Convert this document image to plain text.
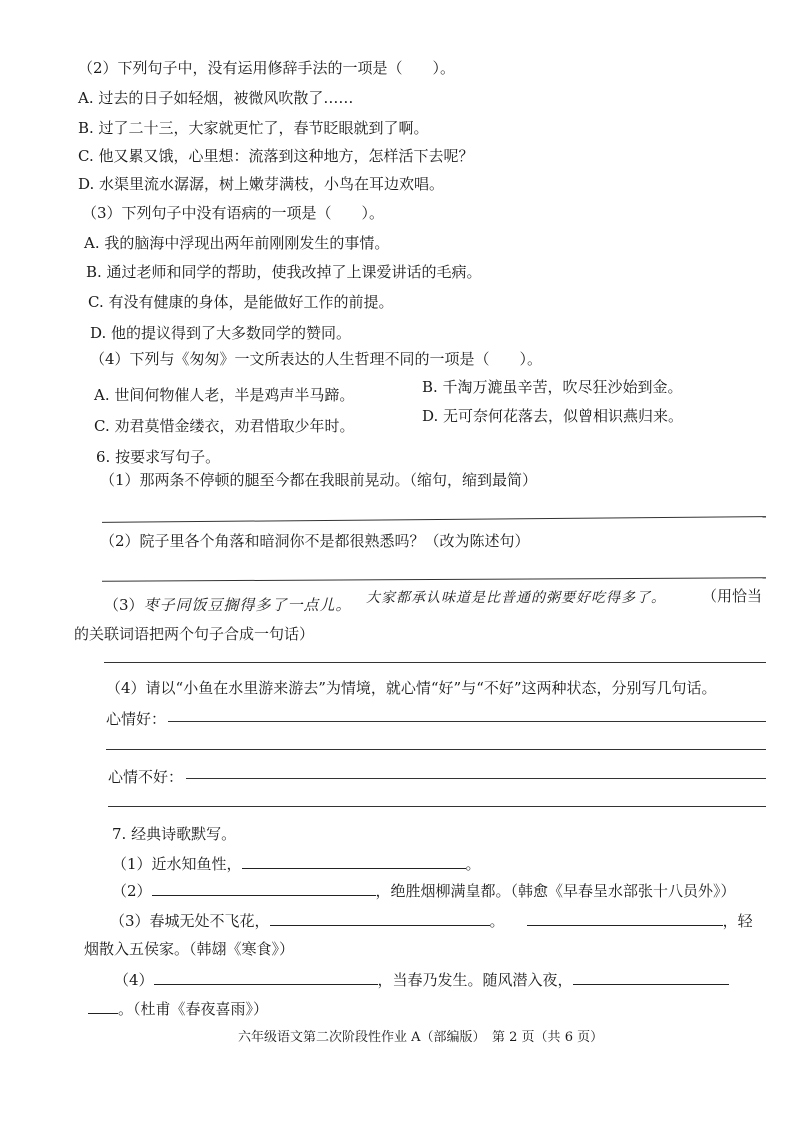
（2）下列句子中，没有运用修辞手法的一项是（　　）。
A. 过去的日子如轻烟，被微风吹散了……
B. 过了二十三，大家就更忙了，春节眨眼就到了啊。
C. 他又累又饿，心里想：流落到这种地方，怎样活下去呢？
D. 水渠里流水潺潺，树上嫩芽满枝，小鸟在耳边欢唱。
（3）下列句子中没有语病的一项是（　　）。
A. 我的脑海中浮现出两年前刚刚发生的事情。
B. 通过老师和同学的帮助，使我改掉了上课爱讲话的毛病。
C. 有没有健康的身体，是能做好工作的前提。
D. 他的提议得到了大多数同学的赞同。
（4）下列与《匆匆》一文所表达的人生哲理不同的一项是（　　）。
A. 世间何物催人老，半是鸡声半马蹄。	B. 千淘万漉虽辛苦，吹尽狂沙始到金。
C. 劝君莫惜金缕衣，劝君惜取少年时。
D. 无可奈何花落去，似曾相识燕归来。
6. 按要求写句子。
（1）那两条不停顿的腿至今都在我眼前晃动。（缩句，缩到最简）
（2）院子里各个角落和暗洞你不是都很熟悉吗？（改为陈述句）
（3）枣子同饭豆搁得多了一点儿。 大家都承认味道是比普通的粥要好吃得多了。 （用恰当
的关联词语把两个句子合成一句话）
（4）请以“小鱼在水里游来游去”为情境，就心情“好”与“不好”这两种状态，分别写几句话。
心情好：
心情不好：
7. 经典诗歌默写。
（1）近水知鱼性，	。
（2）	，绝胜烟柳满皇都。（韩愈《早春呈水部张十八员外》）
（3）春城无处不飞花，	。	，轻
烟散入五侯家。（韩翃《寒食》）
（4）	，当春乃发生。随风潜入夜，
。（杜甫《春夜喜雨》）
六年级语文第二次阶段性作业 A（部编版）　第 2 页（共 6 页）
